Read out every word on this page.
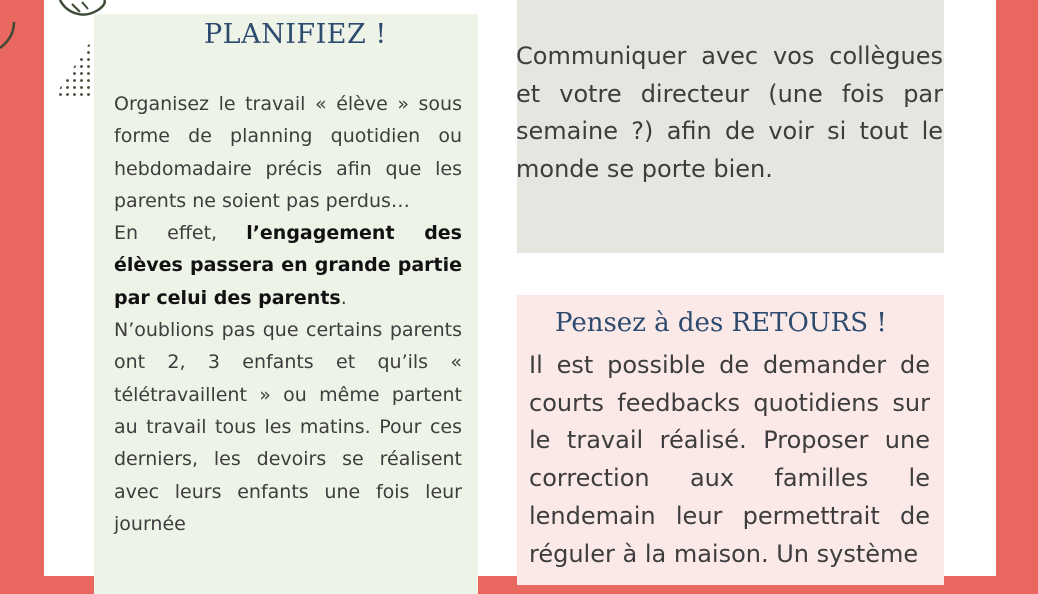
PLANIFIEZ !

Organisez le travail « élève » sous forme de planning quotidien ou hebdomadaire précis afin que les parents ne soient pas perdus…

En effet, l’engagement des élèves passera en grande partie par celui des parents.

N’oublions pas que certains parents ont 2, 3 enfants et qu’ils « télétravaillent » ou même partent au travail tous les matins. Pour ces derniers, les devoirs se réalisent avec leurs enfants une fois leur journée

Communiquer avec vos collègues et votre directeur (une fois par semaine ?) afin de voir si tout le monde se porte bien.
Pensez à des RETOURS !
Il est possible de demander de courts feedbacks quotidiens sur le travail réalisé. Proposer une correction aux familles le lendemain leur permettrait de réguler à la maison. Un système
